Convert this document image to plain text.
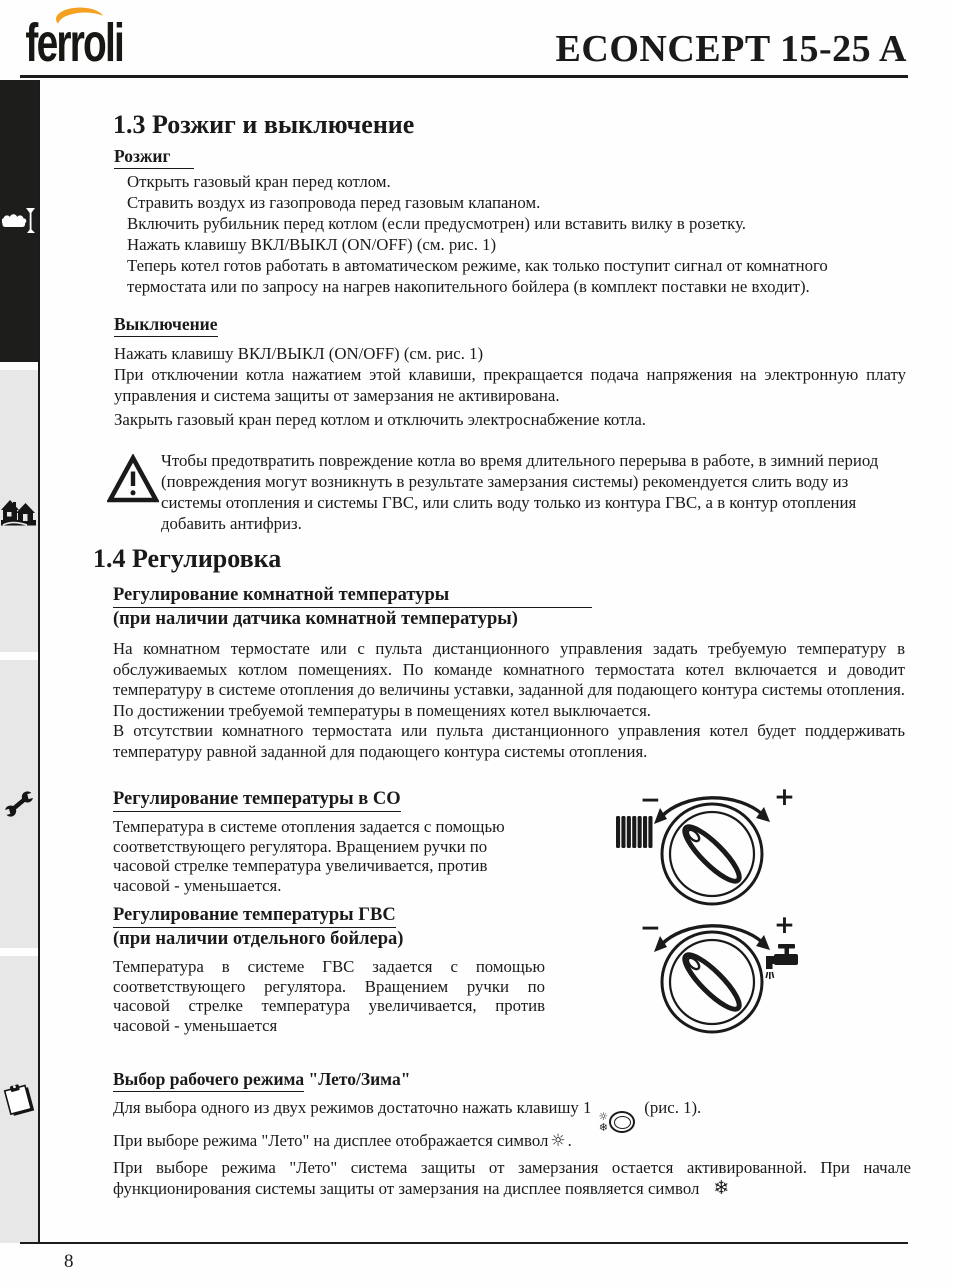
ferroli	ECONCEPT 15-25 A
1.3 Розжиг и выключение
Розжиг
Открыть газовый кран перед котлом.
Стравить воздух из газопровода перед газовым клапаном.
Включить рубильник перед котлом (если предусмотрен) или вставить вилку в розетку.
Нажать клавишу ВКЛ/ВЫКЛ (ON/OFF) (см. рис. 1)
Теперь котел готов работать в автоматическом режиме, как только поступит сигнал от комнатного термостата или по запросу на нагрев накопительного бойлера (в комплект поставки не входит).
Выключение
Нажать клавишу ВКЛ/ВЫКЛ (ON/OFF) (см. рис. 1)
При отключении котла нажатием этой клавиши, прекращается подача напряжения на электронную плату управления и система защиты от замерзания не активирована.
Закрыть газовый кран перед котлом и отключить электроснабжение котла.
Чтобы предотвратить повреждение котла во время длительного перерыва в работе, в зимний период (повреждения могут возникнуть в результате замерзания системы) рекомендуется слить воду из системы отопления и системы ГВС, или слить воду только из контура ГВС, а в контур отопления добавить антифриз.
1.4 Регулировка
Регулирование комнатной температуры
(при наличии датчика комнатной температуры)
На комнатном термостате или с пульта дистанционного управления задать требуемую температуру в обслуживаемых котлом помещениях. По команде комнатного термостата котел включается и доводит температуру в системе отопления до величины уставки, заданной для подающего контура системы отопления. По достижении требуемой температуры в помещениях котел выключается.
В отсутствии комнатного термостата или пульта дистанционного управления котел будет поддерживать температуру равной заданной для подающего контура системы отопления.
Регулирование температуры в СО
Температура в системе отопления задается с помощью соответствующего регулятора. Вращением ручки по часовой стрелке температура увеличивается, против часовой - уменьшается.
−	+
Регулирование температуры ГВС
(при наличии отдельного бойлера)
Температура в системе ГВС задается с помощью соответствующего регулятора. Вращением ручки по часовой стрелке температура увеличивается, против часовой - уменьшается
−	+
Выбор рабочего режима "Лето/Зима"
Для выбора одного из двух режимов достаточно нажать клавишу 1 ☼
❄
(рис. 1).
При выборе режима "Лето" на дисплее отображается символ ☼ .
При выборе режима "Лето" система защиты от замерзания остается активированной. При начале функционирования системы защиты от замерзания на дисплее появляется символ ❄
8
